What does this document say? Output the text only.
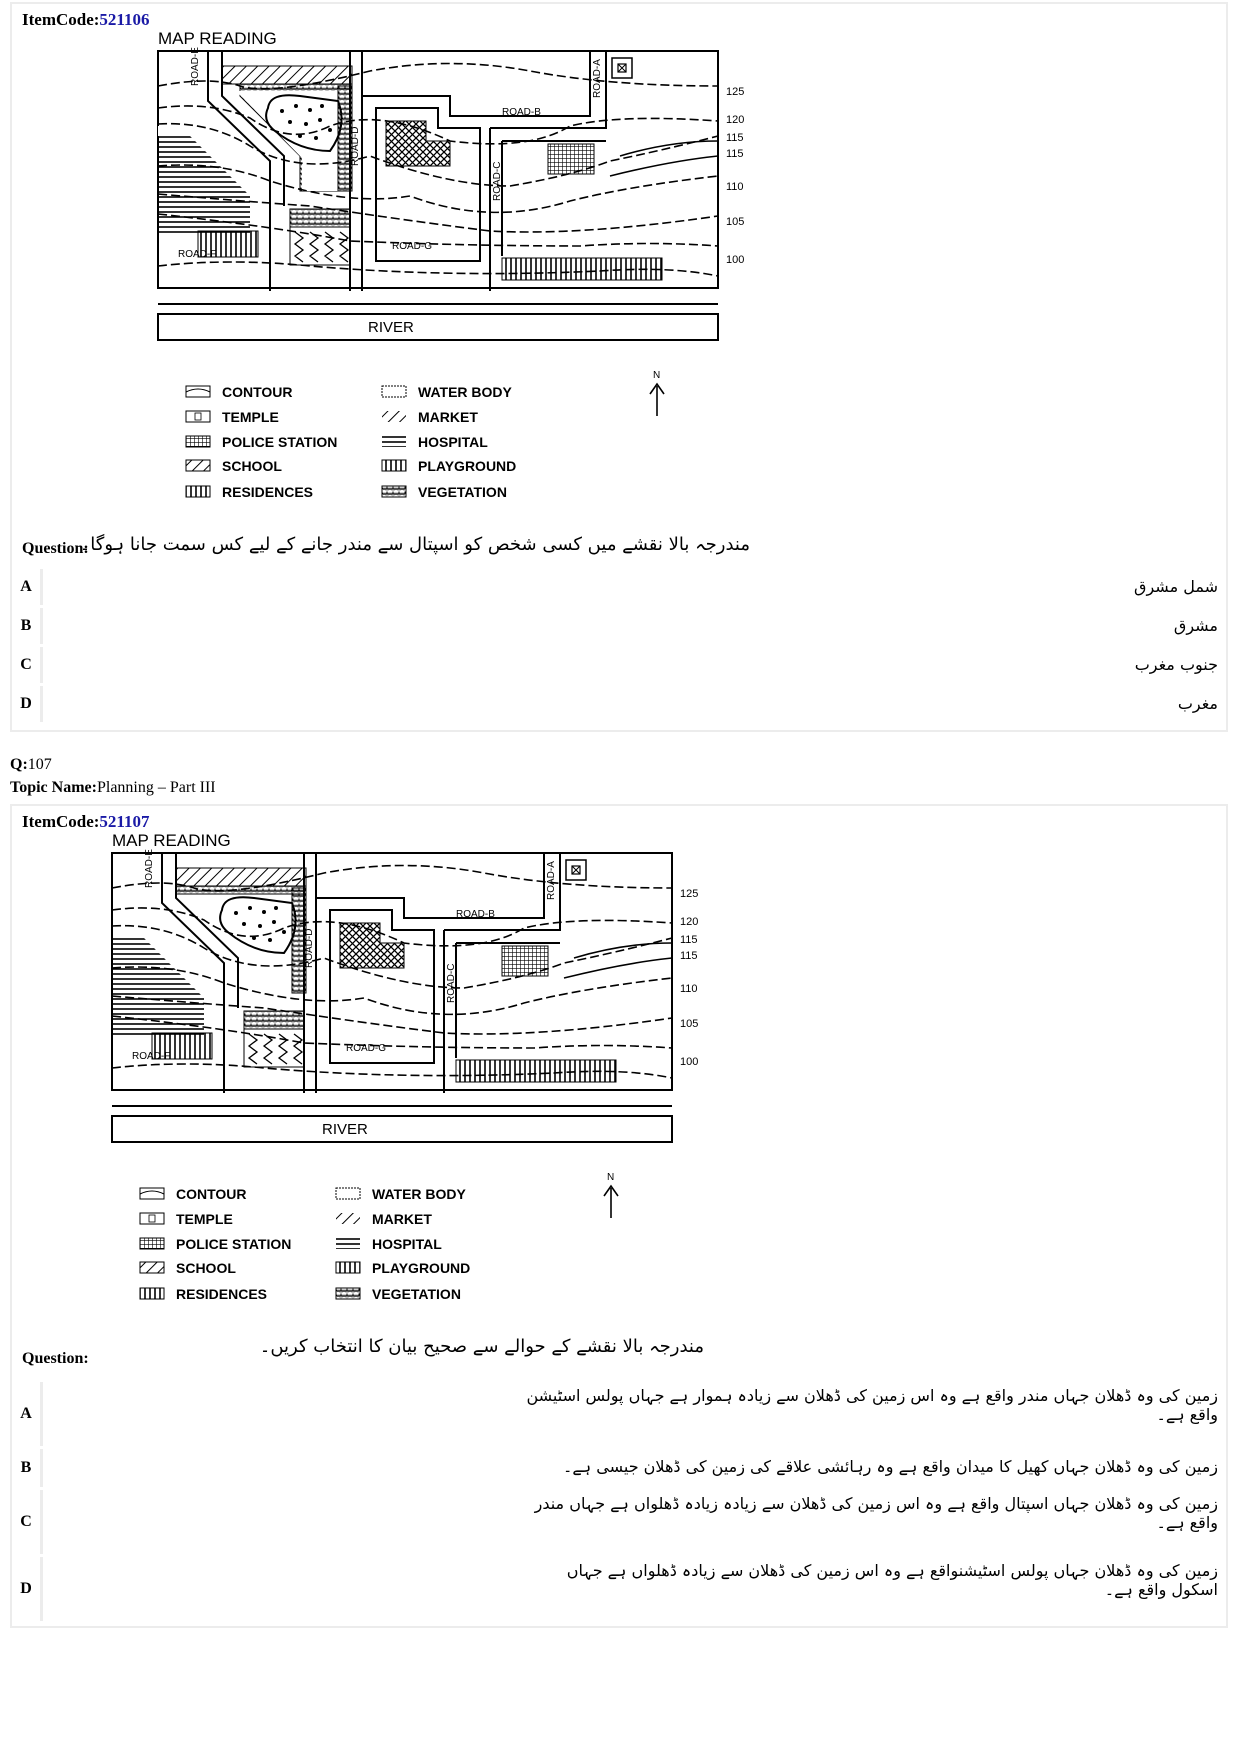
ItemCode:521106
MAP READING
RIVER
ROAD-E	ROAD-A
ROAD-B
ROAD-D
ROAD-C
ROAD-G
ROAD-F
125
120
115
115
110
105
100
N
CONTOUR
TEMPLE
POLICE STATION
SCHOOL
RESIDENCES
WATER BODY
MARKET
HOSPITAL
PLAYGROUND
VEGETATION
Question:
مندرجہ بالا نقشے میں کسی شخص کو اسپتال سے مندر جانے کے لیے کس سمت جانا ہوگا۔
A	شمل مشرق
B	مشرق
C	جنوب مغرب
D	مغرب
Q:107
Topic Name:Planning – Part III
ItemCode:521107
MAP READING
RIVER
ROAD-E	ROAD-A
ROAD-B
ROAD-D
ROAD-C
ROAD-G
ROAD-F
125
120
115
115
110
105
100
N
CONTOUR
TEMPLE
POLICE STATION
SCHOOL
RESIDENCES
WATER BODY
MARKET
HOSPITAL
PLAYGROUND
VEGETATION
Question:
مندرجہ بالا نقشے کے حوالے سے صحیح بیان کا انتخاب کریں۔
A
زمین کی وہ ڈھلان جہاں مندر واقع ہے وہ اس زمین کی ڈھلان سے زیادہ ہموار ہے جہاں پولس اسٹیشن
واقع ہے۔
B	زمین کی وہ ڈھلان جہاں کھیل کا میدان واقع ہے وہ رہائشی علاقے کی زمین کی ڈھلان جیسی ہے۔
C
زمین کی وہ ڈھلان جہاں اسپتال واقع ہے وہ اس زمین کی ڈھلان سے زیادہ زیادہ ڈھلواں ہے جہاں مندر
واقع ہے۔
D
زمین کی وہ ڈھلان جہاں پولس اسٹیشنواقع ہے وہ اس زمین کی ڈھلان سے زیادہ ڈھلواں ہے جہاں
اسکول واقع ہے۔
